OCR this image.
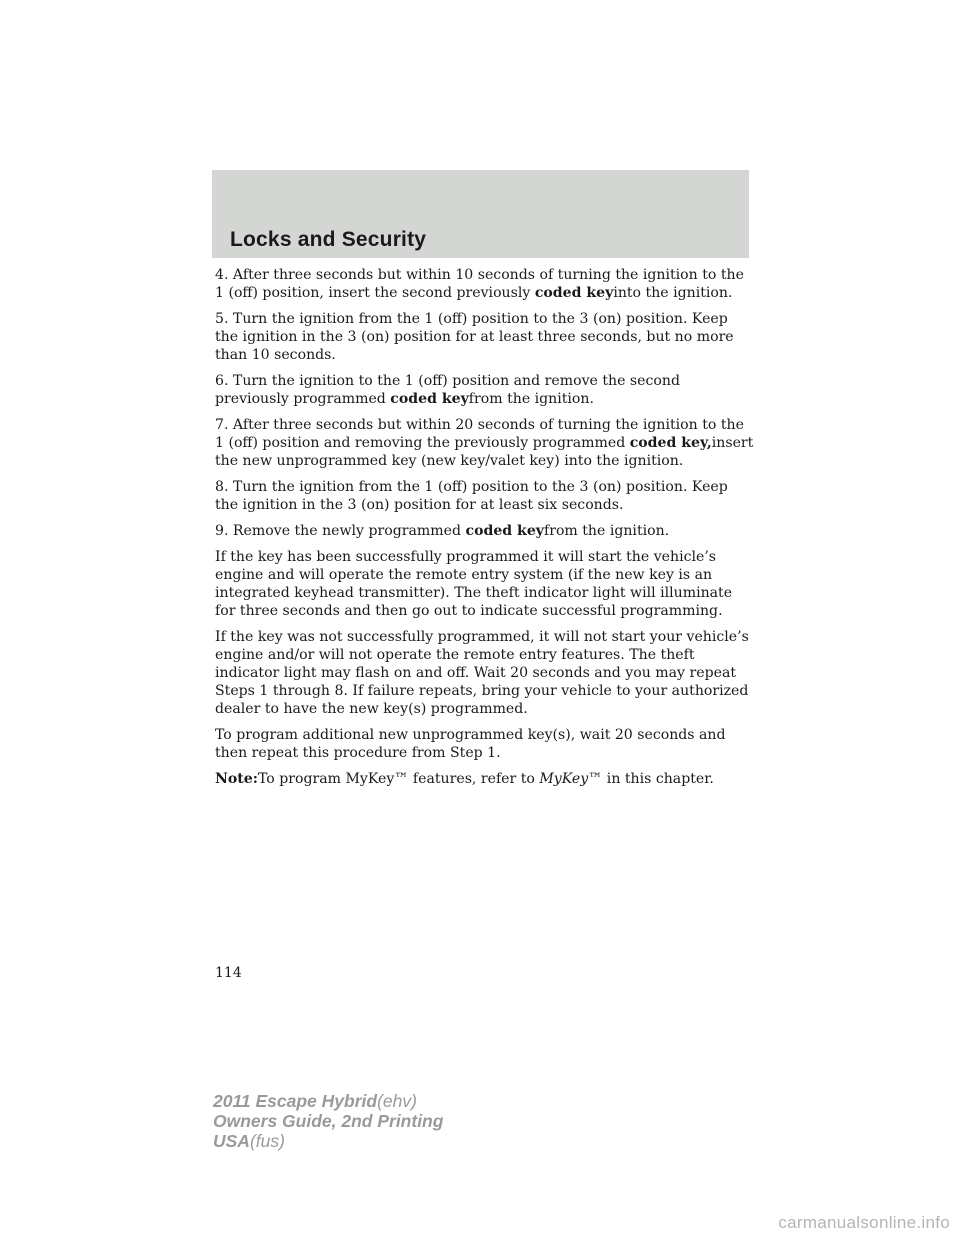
Locks and Security

4. After three seconds but within 10 seconds of turning the ignition to the 1 (off) position, insert the second previously coded keyinto the ignition.

5. Turn the ignition from the 1 (off) position to the 3 (on) position. Keep the ignition in the 3 (on) position for at least three seconds, but no more than 10 seconds.

6. Turn the ignition to the 1 (off) position and remove the second previously programmed coded keyfrom the ignition.

7. After three seconds but within 20 seconds of turning the ignition to the 1 (off) position and removing the previously programmed coded key,insert the new unprogrammed key (new key/valet key) into the ignition.

8. Turn the ignition from the 1 (off) position to the 3 (on) position. Keep the ignition in the 3 (on) position for at least six seconds.

9. Remove the newly programmed coded keyfrom the ignition.

If the key has been successfully programmed it will start the vehicle’s engine and will operate the remote entry system (if the new key is an integrated keyhead transmitter). The theft indicator light will illuminate for three seconds and then go out to indicate successful programming.

If the key was not successfully programmed, it will not start your vehicle’s engine and/or will not operate the remote entry features. The theft indicator light may flash on and off. Wait 20 seconds and you may repeat Steps 1 through 8. If failure repeats, bring your vehicle to your authorized dealer to have the new key(s) programmed.

To program additional new unprogrammed key(s), wait 20 seconds and then repeat this procedure from Step 1.

Note:To program MyKey™ features, refer to MyKey™ in this chapter.

114
2011 Escape Hybrid(ehv)
Owners Guide, 2nd Printing
USA(fus)
carmanualsonline.info
